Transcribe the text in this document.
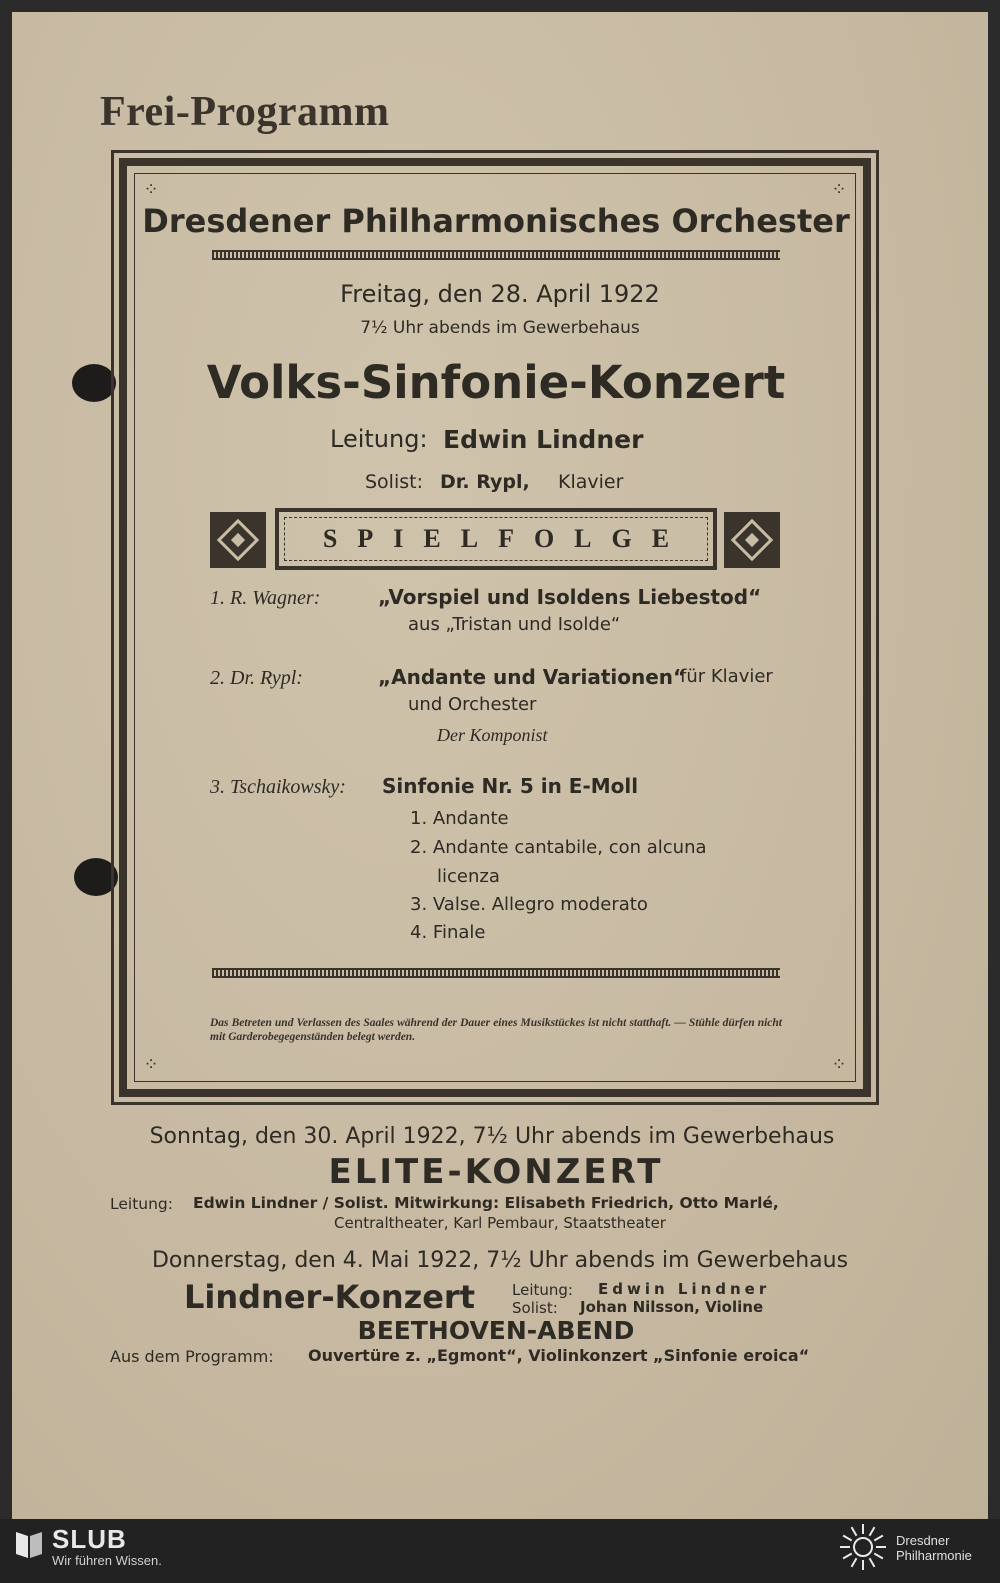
Frei-Programm
⁘	⁘
⁘	⁘
Dresdener Philharmonisches Orchester
Freitag, den 28. April 1922
7½ Uhr abends im Gewerbehaus
Volks-Sinfonie-Konzert
Leitung: Edwin Lindner
Solist: Dr. Rypl, Klavier
SPIELFOLGE
1. R. Wagner:	„Vorspiel und Isoldens Liebestod“
aus „Tristan und Isolde“
2. Dr. Rypl:	„Andante und Variationen“
für Klavier
und Orchester
Der Komponist
3. Tschaikowsky: Sinfonie Nr. 5 in E-Moll
1. Andante
2. Andante cantabile, con alcuna
licenza
3. Valse. Allegro moderato
4. Finale
Das Betreten und Verlassen des Saales während der Dauer eines Musikstückes ist nicht statthaft. — Stühle dürfen nicht mit Garderobegegenständen belegt werden.
Sonntag, den 30. April 1922, 7½ Uhr abends im Gewerbehaus
ELITE-KONZERT
Leitung: Edwin Lindner / Solist. Mitwirkung: Elisabeth Friedrich, Otto Marlé,
Centraltheater, Karl Pembaur, Staatstheater
Donnerstag, den 4. Mai 1922, 7½ Uhr abends im Gewerbehaus
Lindner-Konzert Leitung: Edwin Lindner
Solist: Johan Nilsson, Violine
BEETHOVEN-ABEND
Aus dem Programm: Ouvertüre z. „Egmont“, Violinkonzert „Sinfonie eroica“
SLUB
Wir führen Wissen.
Dresdner
Philharmonie
